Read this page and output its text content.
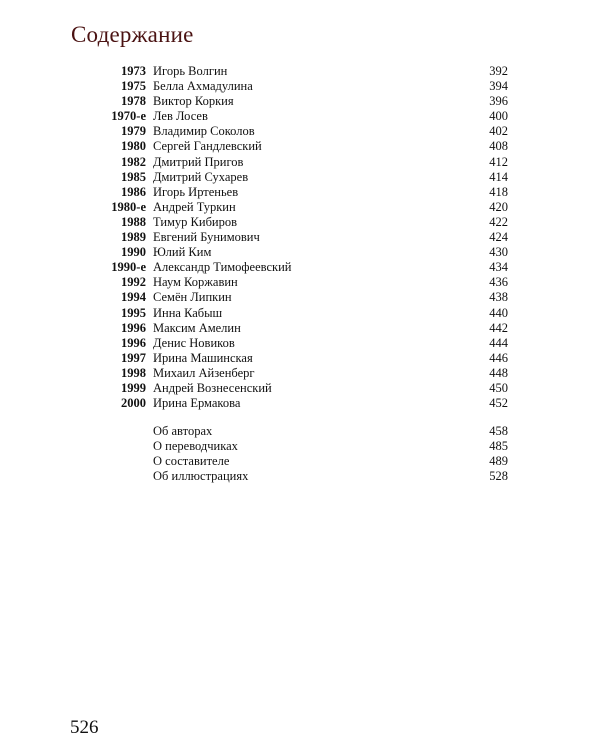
Содержание
1973 Игорь Волгин	392
1975 Белла Ахмадулина	394
1978 Виктор Коркия	396
1970-е Лев Лосев	400
1979 Владимир Соколов	402
1980 Сергей Гандлевский	408
1982 Дмитрий Пригов	412
1985 Дмитрий Сухарев	414
1986 Игорь Иртеньев	418
1980-е Андрей Туркин	420
1988 Тимур Кибиров	422
1989 Евгений Бунимович	424
1990 Юлий Ким	430
1990-е Александр Тимофеевский	434
1992 Наум Коржавин	436
1994 Семён Липкин	438
1995 Инна Кабыш	440
1996 Максим Амелин	442
1996 Денис Новиков	444
1997 Ирина Машинская	446
1998 Михаил Айзенберг	448
1999 Андрей Вознесенский	450
2000 Ирина Ермакова	452
Об авторах	458
О переводчиках	485
О составителе	489
Об иллюстрациях	528
526
